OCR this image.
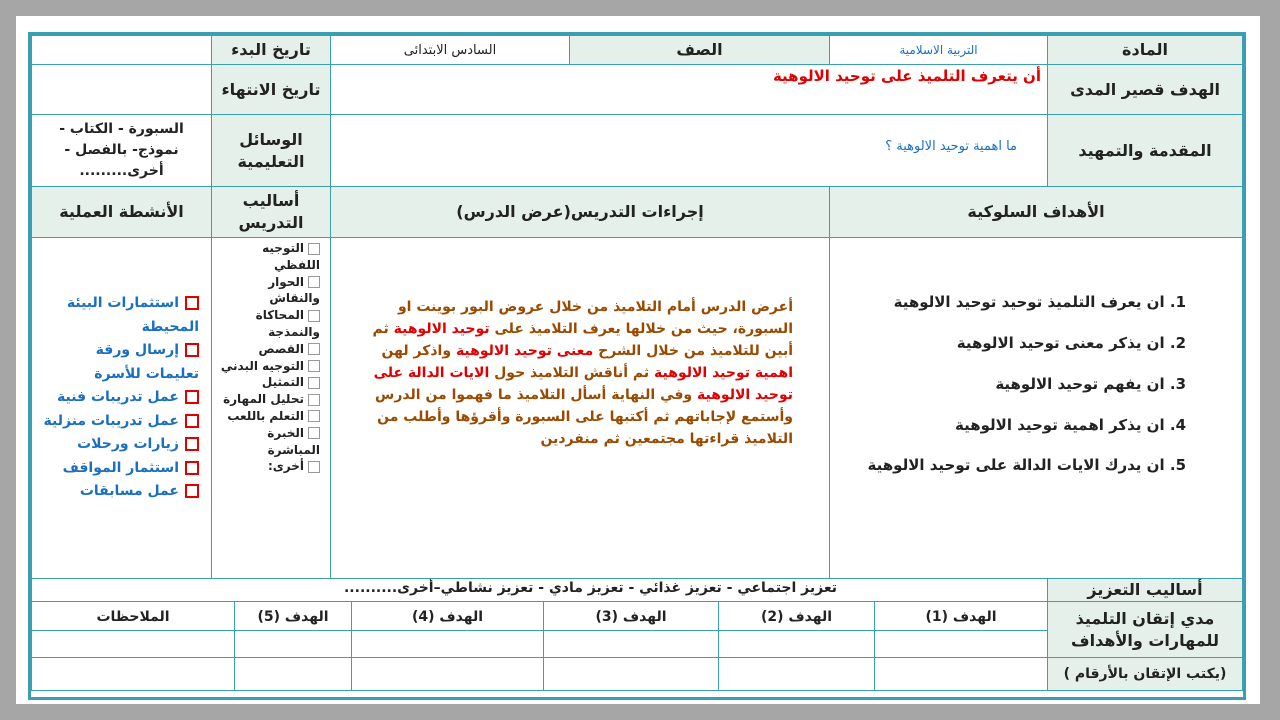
المادة
التربية الاسلامية
الصف
السادس الابتدائى
تاريخ البدء
الهدف قصير المدى
أن يتعرف التلميذ على توحيد الالوهية
تاريخ الانتهاء
المقدمة والتمهيد
ما اهمية توحيد الالوهية ؟
الوسائل التعليمية
السبورة - الكتاب - نموذج- بالفصل - أخرى.........
الأهداف السلوكية
إجراءات التدريس(عرض الدرس)
أساليب التدريس
الأنشطة العملية
1. ان يعرف التلميذ توحيد توحيد الالوهية
2. ان يذكر معنى توحيد الالوهية
3. ان يفهم توحيد الالوهية
4. ان يذكر اهمية توحيد الالوهية
5. ان يدرك الايات الدالة على توحيد الالوهية
أعرض الدرس أمام التلاميذ من خلال عروض البور بوينت او السبورة، حيث من خلالها يعرف التلاميذ على توحيد الالوهية ثم أبين للتلاميذ من خلال الشرح معنى توحيد الالوهية واذكر لهن اهمية توحيد الالوهية ثم أناقش التلاميذ حول الايات الدالة على توحيد الالوهية وفي النهاية أسأل التلاميذ ما فهموا من الدرس وأستمع لإجاباتهم ثم أكتبها على السبورة وأقرؤها وأطلب من التلاميذ قراءتها مجتمعين ثم منفردين
التوجيه اللفظي
الحوار والنقاش
المحاكاة والنمذجة
القصص
التوجيه البدني
التمثيل
تحليل المهارة
التعلم باللعب
الخبرة المباشرة
أخرى:
استثمارات البيئة المحيطة
إرسال ورقة تعليمات للأسرة
عمل تدريبات فنية
عمل تدريبات منزلية
زيارات ورحلات
استثمار المواقف
عمل مسابقات
أساليب التعزيز
تعزيز اجتماعي - تعزيز غذائي - تعزيز مادي - تعزيز نشاطي–أخرى..........
مدي إتقان التلميذ للمهارات والأهداف
الهدف (1)
الهدف (2)
الهدف (3)
الهدف (4)
الهدف (5)
الملاحظات
( يكتب الإتقان بالأرقام)
